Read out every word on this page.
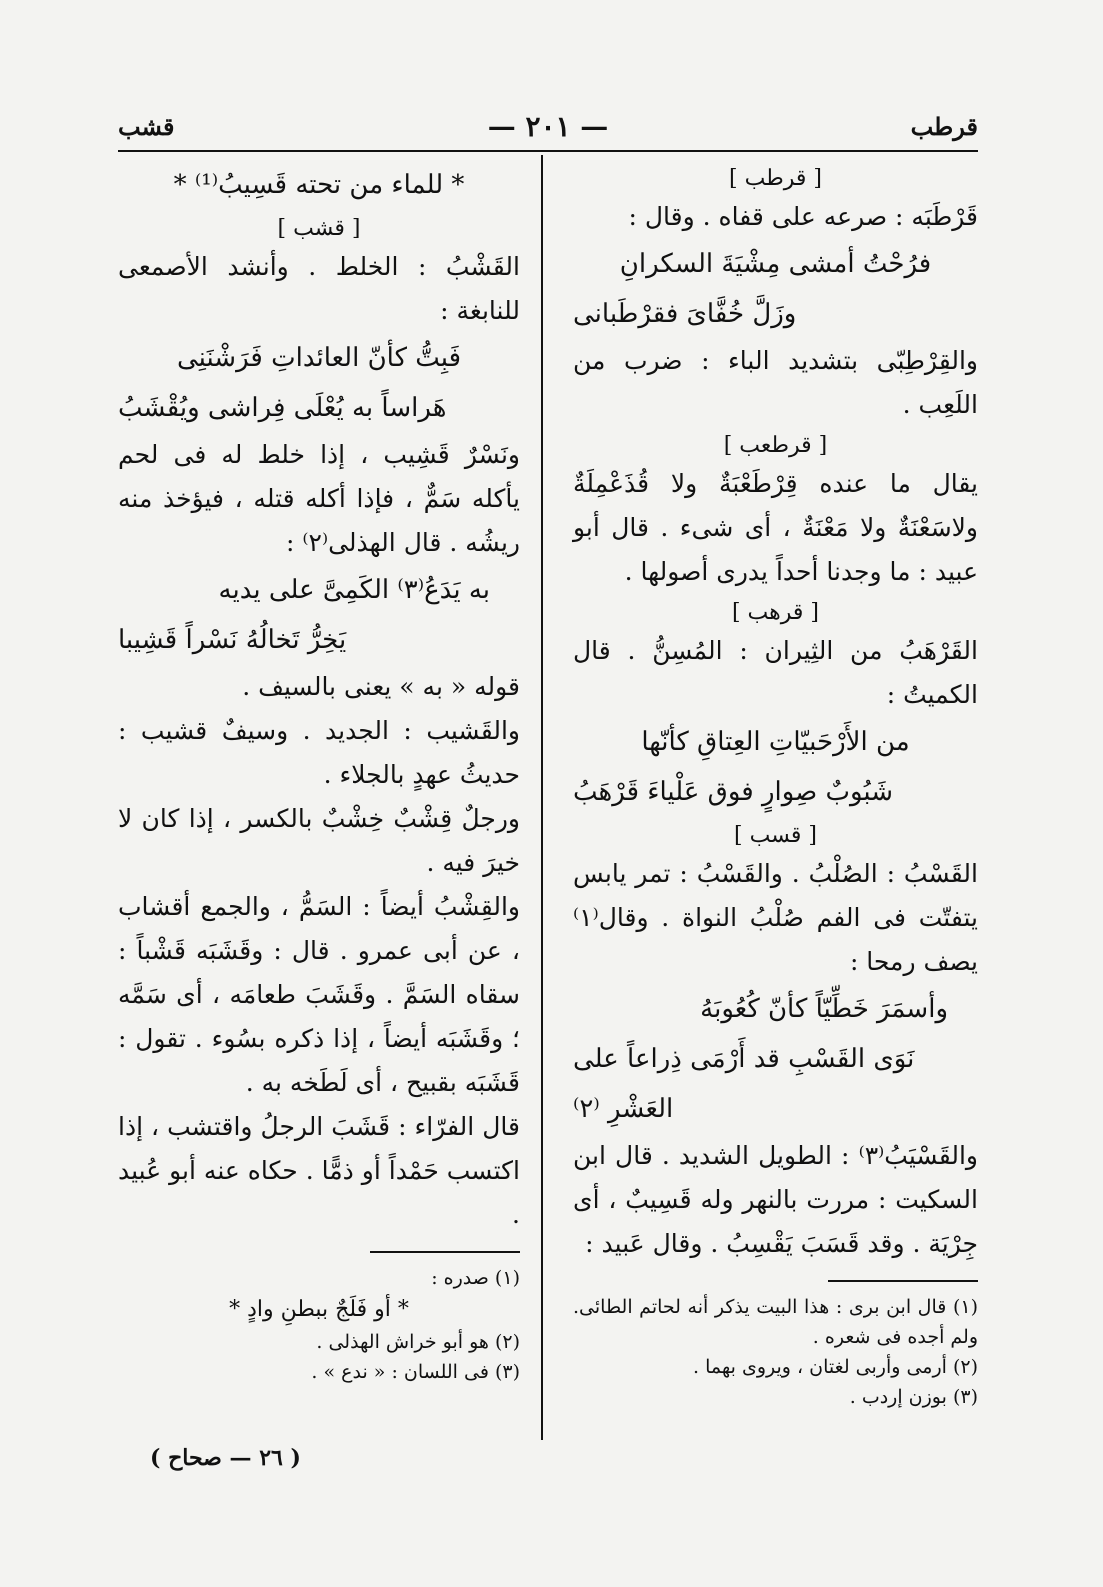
قرطب
— ٢٠١ —
قشب
[ قرطب ]

قَرْطَبَه : صرعه على قفاه . وقال :

فرُحْتُ أمشى مِشْيَةَ السكرانِ

وزَلَّ خُفَّاىَ فقرْطَبانى

والقِرْطِبّى بتشديد الباء : ضرب من اللَعِب .

[ قرطعب ]

يقال ما عنده قِرْطَعْبَةٌ ولا قُذَعْمِلَةٌ ولاسَعْنَةٌ ولا مَعْنَةٌ ، أى شىء . قال أبو عبيد : ما وجدنا أحداً يدرى أصولها .

[ قرهب ]

القَرْهَبُ من الثِيران : المُسِنُّ . قال الكميتُ :

من الأَرْحَبيّاتِ العِتاقِ كأنّها

شَبُوبٌ صِوارٍ فوق عَلْياءَ قَرْهَبُ

[ قسب ]

القَسْبُ : الصُلْبُ . والقَسْبُ : تمر يابس يتفتّت فى الفم صُلْبُ النواة . وقال⁽١⁾ يصف رمحا :

وأسمَرَ خَطِّيّاً كأنّ كُعُوبَهُ

نَوَى القَسْبِ قد أَرْمَى ذِراعاً على العَشْرِ ⁽٢⁾

والقَسْيَبُ⁽٣⁾ : الطويل الشديد . قال ابن السكيت : مررت بالنهر وله قَسِيبٌ ، أى جِرْيَة . وقد قَسَبَ يَقْسِبُ . وقال عَبيد :

(١) قال ابن برى : هذا البيت يذكر أنه لحاتم الطائى. ولم أجده فى شعره .

(٢) أرمى وأربى لغتان ، ويروى بهما .

(٣) بوزن إردب .

* للماء من تحته قَسِيبُ⁽¹⁾ *

[ قشب ]

القَشْبُ : الخلط . وأنشد الأصمعى للنابغة :

فَبِتُّ كأنّ العائداتِ فَرَشْنَنِى

هَراساً به يُعْلَى فِراشى ويُقْشَبُ

ونَسْرٌ قَشِيب ، إذا خلط له فى لحم يأكله سَمٌّ ، فإذا أكله قتله ، فيؤخذ منه ريشُه . قال الهذلى⁽٢⁾ :

به يَدَعُ⁽٣⁾ الكَمِىَّ على يديه

يَخِرُّ تَخالُهُ نَسْراً قَشِيبا

قوله « به » يعنى بالسيف .

والقَشيب : الجديد . وسيفٌ قشيب : حديثُ عهدٍ بالجلاء .

ورجلٌ قِشْبٌ خِشْبٌ بالكسر ، إذا كان لا خيرَ فيه .

والقِشْبُ أيضاً : السَمُّ ، والجمع أقشاب ، عن أبى عمرو . قال : وقَشَبَه قَشْباً : سقاه السَمَّ . وقَشَبَ طعامَه ، أى سَمَّه ؛ وقَشَبَه أيضاً ، إذا ذكره بسُوء . تقول : قَشَبَه بقبيح ، أى لَطَخه به .

قال الفرّاء : قَشَبَ الرجلُ واقتشب ، إذا اكتسب حَمْداً أو ذمًّا . حكاه عنه أبو عُبيد .

(١) صدره :

* أو فَلَجٌ ببطنِ وادٍ *

(٢) هو أبو خراش الهذلى .

(٣) فى اللسان : « ندع » .

( ٢٦ — صحاح )
